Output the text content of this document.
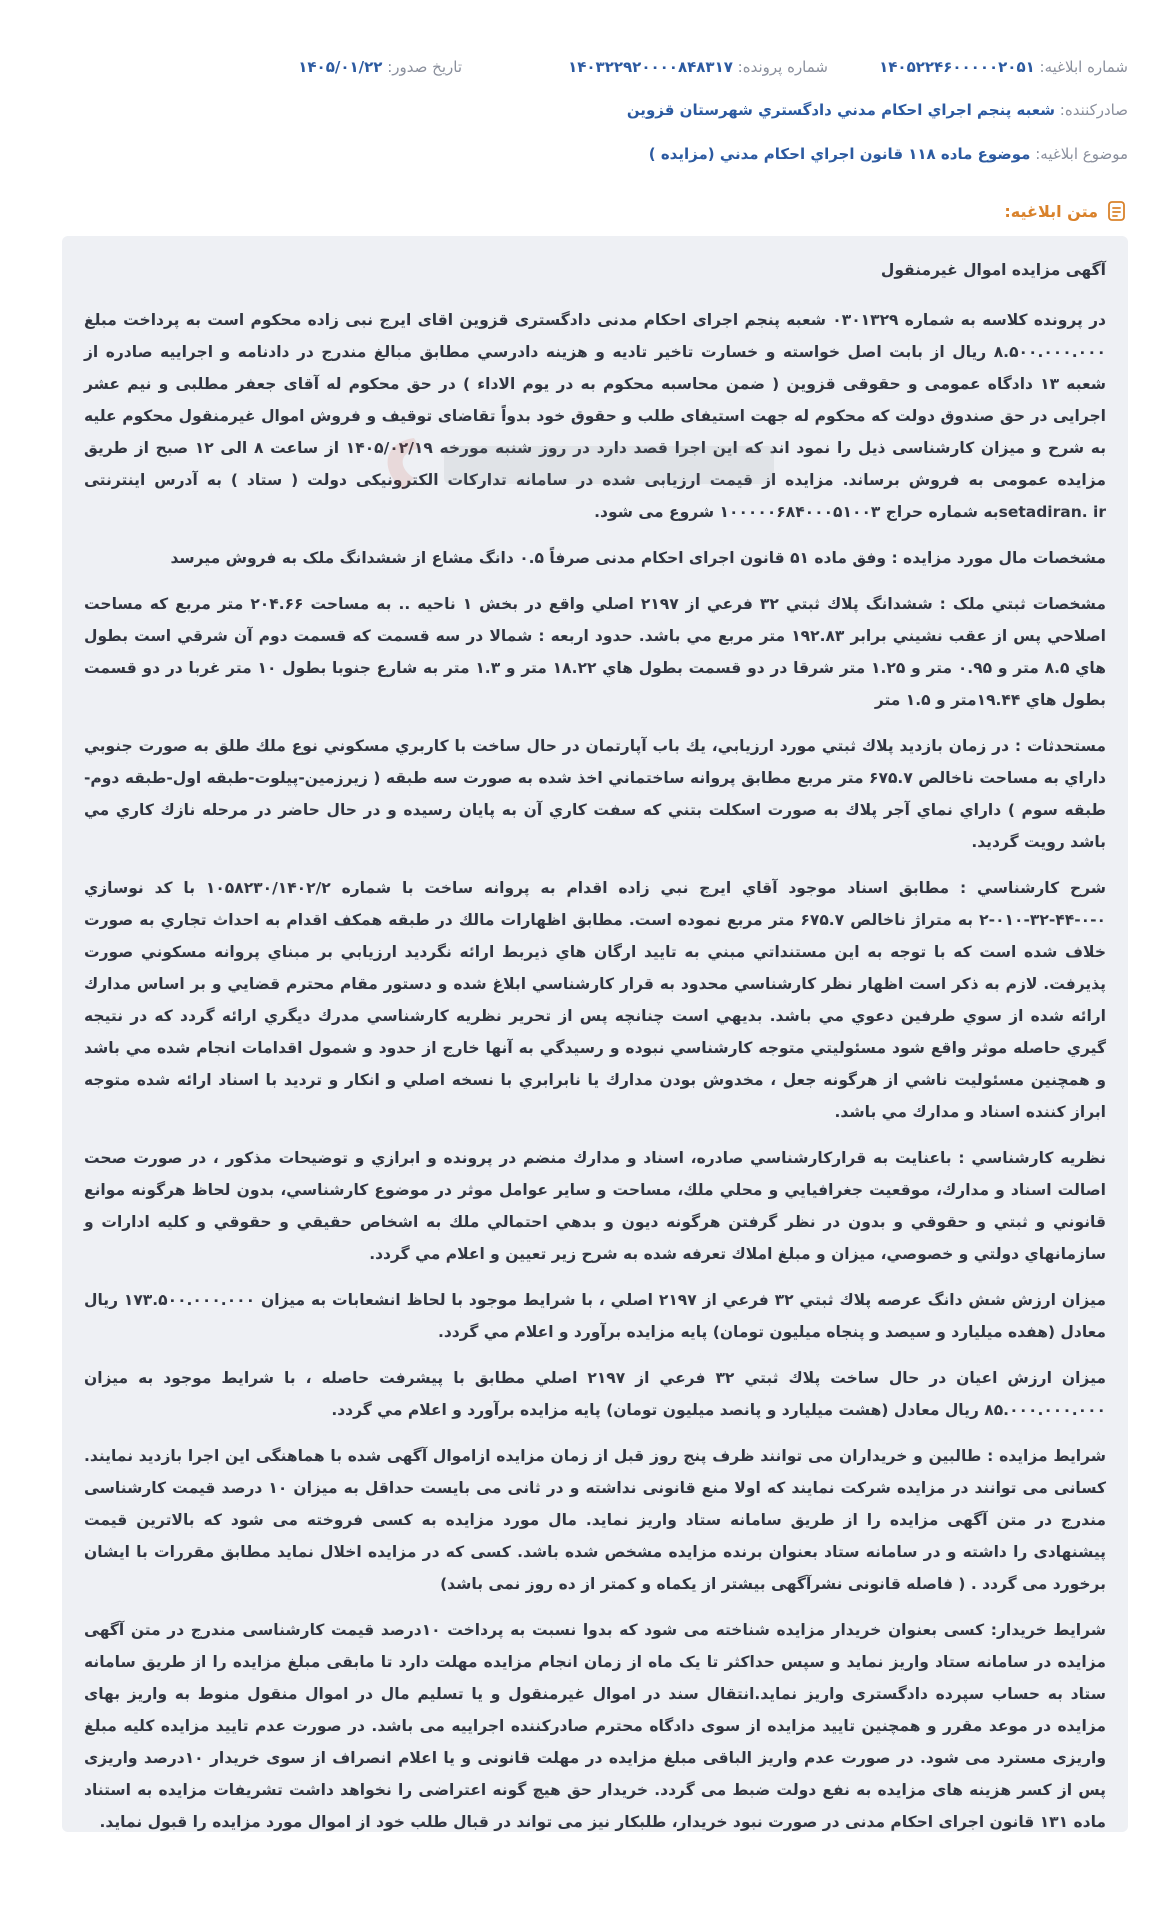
شماره ابلاغیه: ۱۴۰۵۲۲۴۶۰۰۰۰۰۲۰۵۱
شماره پرونده: ۱۴۰۳۲۲۹۲۰۰۰۰۸۴۸۳۱۷
تاریخ صدور: ۱۴۰۵/۰۱/۲۲
صادرکننده: شعبه پنجم اجراي احكام مدني دادگستري شهرستان قزوين
موضوع ابلاغیه: موضوع ماده ۱۱۸ قانون اجراي احكام مدني (مزايده )
متن ابلاغیه:

آگهی مزایده اموال غیرمنقول

در پرونده کلاسه به شماره ۰۳۰۱۳۲۹ شعبه پنجم اجرای احکام مدنی دادگستری قزوین اقای ایرج نبی زاده محکوم است به پرداخت مبلغ ۸.۵۰۰.۰۰۰.۰۰۰ ریال از بابت اصل خواسته و خسارت تاخیر تادیه و هزینه دادرسي مطابق مبالغ مندرج در دادنامه و اجراییه صادره از شعبه ۱۳ دادگاه عمومی و حقوقی قزوین ( ضمن محاسبه محکوم به در یوم الاداء ) در حق محکوم له آقای جعفر مطلبی و نیم عشر اجرایی در حق صندوق دولت که محکوم له جهت استیفای طلب و حقوق خود بدواً تقاضای توقیف و فروش اموال غیرمنقول محکوم علیه به شرح و میزان کارشناسی ذیل را نمود اند که این اجرا قصد دارد در روز شنبه مورخه ۱۴۰۵/۰۲/۱۹ از ساعت ۸ الی ۱۲ صبح از طریق مزایده عمومی به فروش برساند. مزایده از قیمت ارزیابی شده در سامانه تدارکات الکترونیکی دولت ( ستاد ) به آدرس اینترنتی setadiran. irبه شماره حراج ۱۰۰۰۰۰۶۸۴۰۰۰۵۱۰۰۳ شروع می شود.

مشخصات مال مورد مزایده : وفق ماده ۵۱ قانون اجرای احکام مدنی صرفاً ۰.۵ دانگ مشاع از ششدانگ ملک به فروش میرسد

مشخصات ثبتي ملک : ششدانگ پلاك ثبتي ۳۲ فرعي از ۲۱۹۷ اصلي واقع در بخش ۱ ناحيه .. به مساحت ۲۰۴.۶۶ متر مربع كه مساحت اصلاحي پس از عقب نشيني برابر ۱۹۲.۸۳ متر مربع مي باشد. حدود اربعه : شمالا در سه قسمت كه قسمت دوم آن شرقي است بطول هاي ۸.۵ متر و ۰.۹۵ متر و ۱.۲۵ متر شرقا در دو قسمت بطول هاي ۱۸.۲۲ متر و ۱.۳ متر به شارع جنوبا بطول ۱۰ متر غربا در دو قسمت بطول هاي ۱۹.۴۴متر و ۱.۵ متر

مستحدثات : در زمان بازديد پلاك ثبتي مورد ارزيابي، يك باب آپارتمان در حال ساخت با كاربري مسكوني نوع ملك طلق به صورت جنوبي داراي به مساحت ناخالص ۶۷۵.۷ متر مربع مطابق پروانه ساختماني اخذ شده به صورت سه طبقه ( زيرزمين-پيلوت-طبقه اول-طبقه دوم-طبقه سوم ) داراي نماي آجر پلاك به صورت اسكلت بتني كه سفت كاري آن به پايان رسيده و در حال حاضر در مرحله نازك كاري مي باشد رويت گرديد.

شرح كارشناسي : مطابق اسناد موجود آقاي ايرج نبي زاده اقدام به پروانه ساخت با شماره ۱۰۵۸۲۳۰/۱۴۰۲/۲ با كد نوسازي ۰-۰-۴۴-۳۲-۰۱۰-۲ به متراژ ناخالص ۶۷۵.۷ متر مربع نموده است. مطابق اظهارات مالك در طبقه همكف اقدام به احداث تجاري به صورت خلاف شده است كه با توجه به اين مستنداتي مبني به تاييد ارگان هاي ذيربط ارائه نگرديد ارزيابي بر مبناي پروانه مسكوني صورت پذيرفت. لازم به ذكر است اظهار نظر كارشناسي محدود به قرار كارشناسي ابلاغ شده و دستور مقام محترم قضايي و بر اساس مدارك ارائه شده از سوي طرفين دعوي مي باشد. بديهي است چنانچه پس از تحرير نظريه كارشناسي مدرك ديگري ارائه گردد كه در نتيجه گيري حاصله موثر واقع شود مسئوليتي متوجه كارشناسي نبوده و رسيدگي به آنها خارج از حدود و شمول اقدامات انجام شده مي باشد و همچنين مسئوليت ناشي از هرگونه جعل ، مخدوش بودن مدارك يا نابرابري با نسخه اصلي و انكار و ترديد با اسناد ارائه شده متوجه ابراز كننده اسناد و مدارك مي باشد.

نظريه كارشناسي : باعنايت به قراركارشناسي صادره، اسناد و مدارك منضم در پرونده و ابرازي و توضيحات مذكور ، در صورت صحت اصالت اسناد و مدارك، موقعيت جغرافيايي و محلي ملك، مساحت و ساير عوامل موثر در موضوع كارشناسي، بدون لحاظ هرگونه موانع قانوني و ثبتي و حقوقي و بدون در نظر گرفتن هرگونه ديون و بدهي احتمالي ملك به اشخاص حقيقي و حقوقي و كليه ادارات و سازمانهاي دولتي و خصوصي، ميزان و مبلغ املاك تعرفه شده به شرح زير تعيين و اعلام مي گردد.

ميزان ارزش شش دانگ عرصه پلاك ثبتي ۳۲ فرعي از ۲۱۹۷ اصلي ، با شرايط موجود با لحاظ انشعابات به ميزان ۱۷۳.۵۰۰.۰۰۰.۰۰۰ ريال معادل (هفده ميليارد و سيصد و پنجاه ميليون تومان) پايه مزايده برآورد و اعلام مي گردد.

ميزان ارزش اعيان در حال ساخت پلاك ثبتي ۳۲ فرعي از ۲۱۹۷ اصلي مطابق با پيشرفت حاصله ، با شرايط موجود به ميزان ۸۵.۰۰۰.۰۰۰.۰۰۰ ريال معادل (هشت ميليارد و پانصد ميليون تومان) پايه مزايده برآورد و اعلام مي گردد.

شرایط مزایده : طالبین و خریداران می توانند ظرف پنج روز قبل از زمان مزایده ازاموال آگهی شده با هماهنگی این اجرا بازدید نمایند. کسانی می توانند در مزایده شرکت نمایند که اولا منع قانونی نداشته و در ثانی می بایست حداقل به میزان ۱۰ درصد قیمت کارشناسی مندرج در متن آگهی مزایده را از طریق سامانه ستاد واریز نماید. مال مورد مزایده به کسی فروخته می شود که بالاترین قیمت پیشنهادی را داشته و در سامانه ستاد بعنوان برنده مزایده مشخص شده باشد. کسی که در مزایده اخلال نماید مطابق مقررات با ایشان برخورد می گردد . ( فاصله قانونی نشرآگهی بیشتر از یکماه و کمتر از ده روز نمی باشد)

شرایط خریدار: کسی بعنوان خریدار مزایده شناخته می شود که بدوا نسبت به پرداخت ۱۰درصد قیمت کارشناسی مندرج در متن آگهی مزایده در سامانه ستاد واریز نماید و سپس حداکثر تا یک ماه از زمان انجام مزایده مهلت دارد تا مابقی مبلغ مزایده را از طریق سامانه ستاد به حساب سپرده دادگستری واریز نماید.انتقال سند در اموال غیرمنقول و یا تسلیم مال در اموال منقول منوط به واریز بهای مزایده در موعد مقرر و همچنین تایید مزایده از سوی دادگاه محترم صادرکننده اجراییه می باشد. در صورت عدم تایید مزایده کلیه مبلغ واریزی مسترد می شود. در صورت عدم واریز الباقی مبلغ مزایده در مهلت قانونی و یا اعلام انصراف از سوی خریدار ۱۰درصد واریزی پس از کسر هزینه های مزایده به نفع دولت ضبط می گردد. خریدار حق هیچ گونه اعتراضی را نخواهد داشت تشریفات مزایده به استناد ماده ۱۳۱ قانون اجرای احکام مدنی در صورت نبود خریدار، طلبکار نیز می تواند در قبال طلب خود از اموال مورد مزایده را قبول نماید.
